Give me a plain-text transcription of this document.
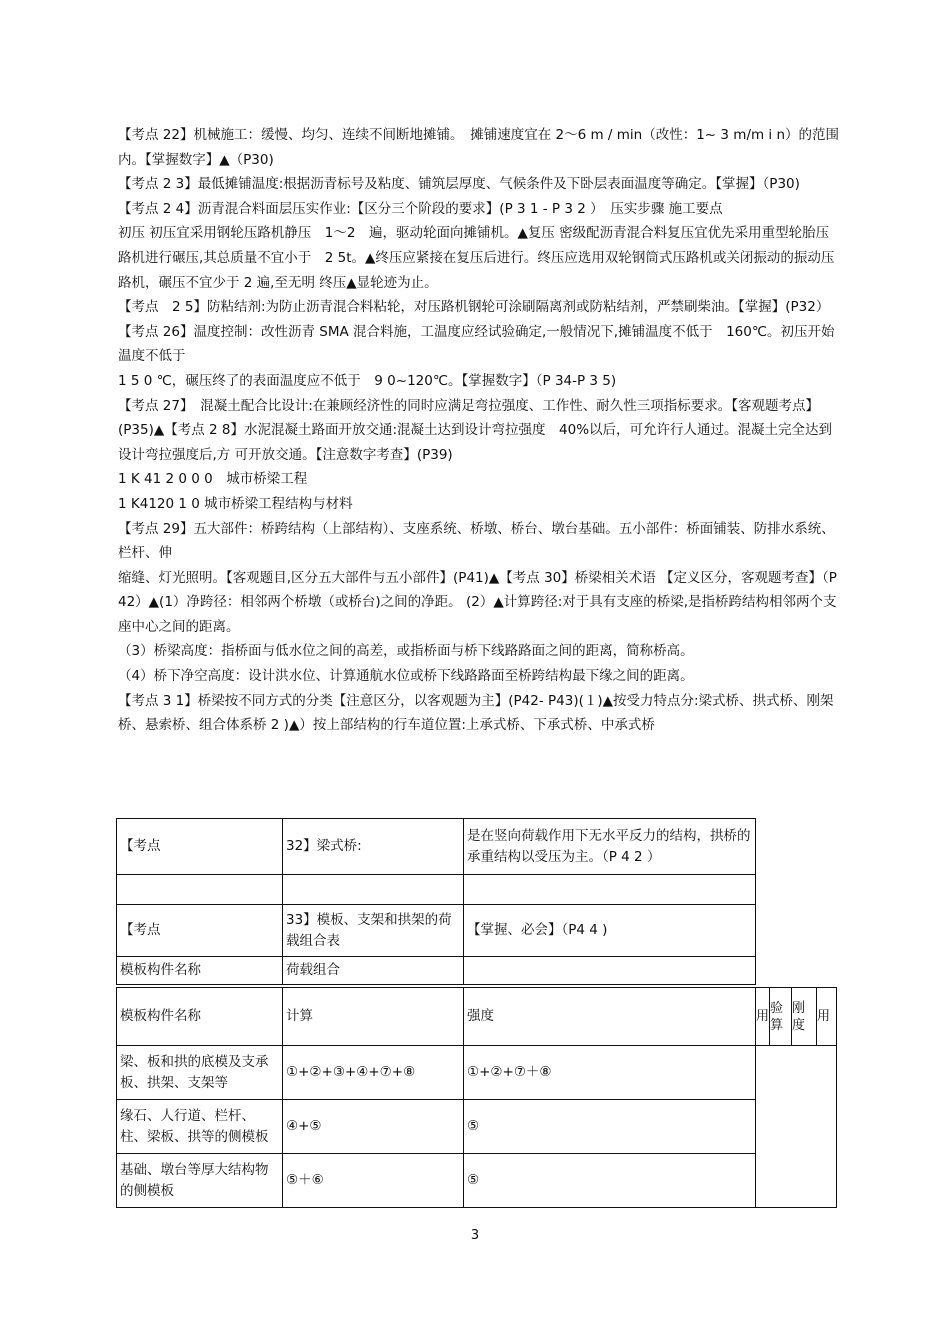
【考点 22】机械施工：缓慢、均匀、连续不间断地摊铺。　摊铺速度宜在 2～6 m / min（改性：1~ 3 m/m i n）的范围内。【掌握数字】▲（P30)

【考点 2 3】最低摊铺温度:根据沥青标号及粘度、铺筑层厚度、气候条件及下卧层表面温度等确定。【掌握】（P30)

【考点 2 4】沥青混合料面层压实作业:【区分三个阶段的要求】(P 3 1 - P 3 2 ）　压实步骤 施工要点

初压 初压宜采用钢轮压路机静压　1～2　遍，驱动轮面向摊铺机。▲复压 密级配沥青混合料复压宜优先采用重型轮胎压路机进行碾压,其总质量不宜小于　2 5t。▲终压应紧接在复压后进行。终压应选用双轮钢筒式压路机或关闭振动的振动压路机，碾压不宜少于 2 遍,至无明 终压▲显轮迹为止。

【考点　2 5】防粘结剂:为防止沥青混合料粘轮，对压路机钢轮可涂刷隔离剂或防粘结剂，严禁刷柴油。【掌握】(P32）

【考点 26】温度控制：改性沥青 SMA 混合料施，工温度应经试验确定,一般情况下,摊铺温度不低于　160℃。初压开始温度不低于

1 5 0 ℃，碾压终了的表面温度应不低于　9 0~120℃。【掌握数字】（P 34-P 3 5)

【考点 27】　混凝土配合比设计:在兼顾经济性的同时应满足弯拉强度、工作性、耐久性三项指标要求。【客观题考点】(P35)▲【考点 2 8】水泥混凝土路面开放交通:混凝土达到设计弯拉强度　40%以后，可允许行人通过。混凝土完全达到设计弯拉强度后,方 可开放交通。【注意数字考查】(P39)

1 K 41 2 0 0 0　城市桥梁工程

1 K4120 1 0 城市桥梁工程结构与材料

【考点 29】五大部件：桥跨结构（上部结构）、支座系统、桥墩、桥台、墩台基础。五小部件：桥面铺装、防排水系统、栏杆、伸

缩缝、灯光照明。【客观题目,区分五大部件与五小部件】(P41)▲【考点 30】桥梁相关术语 【定义区分，客观题考查】（P 42）▲(1）净跨径：相邻两个桥墩（或桥台)之间的净距。 (2）▲计算跨径:对于具有支座的桥梁,是指桥跨结构相邻两个支座中心之间的距离。

（3）桥梁高度：指桥面与低水位之间的高差，或指桥面与桥下线路路面之间的距离，简称桥高。

（4）桥下净空高度：设计洪水位、计算通航水位或桥下线路路面至桥跨结构最下缘之间的距离。

【考点 3 1】桥梁按不同方式的分类【注意区分，以客观题为主】(P42- P43)(１)▲按受力特点分:梁式桥、拱式桥、刚架桥、悬索桥、组合体系桥 2 )▲）按上部结构的行车道位置:上承式桥、下承式桥、中承式桥

【考点	32】梁式桥:	是在竖向荷载作用下无水平反力的结构，拱桥的承重结构以受压为主。（P 4 2 ）

【考点	33】模板、支架和拱架的荷载组合表	【掌握、必会】（P4 4 )
模板构件名称	荷载组合	
模板构件名称	计算	强度	用	验算	刚度	用
梁、板和拱的底模及支承板、拱架、支架等	①+②+③+④+⑦+⑧	①+②+⑦＋⑧				
缘石、人行道、栏杆、柱、梁板、拱等的侧模板	④+⑤	⑤				
基础、墩台等厚大结构物的侧模板	⑤＋⑥	⑤				
3
